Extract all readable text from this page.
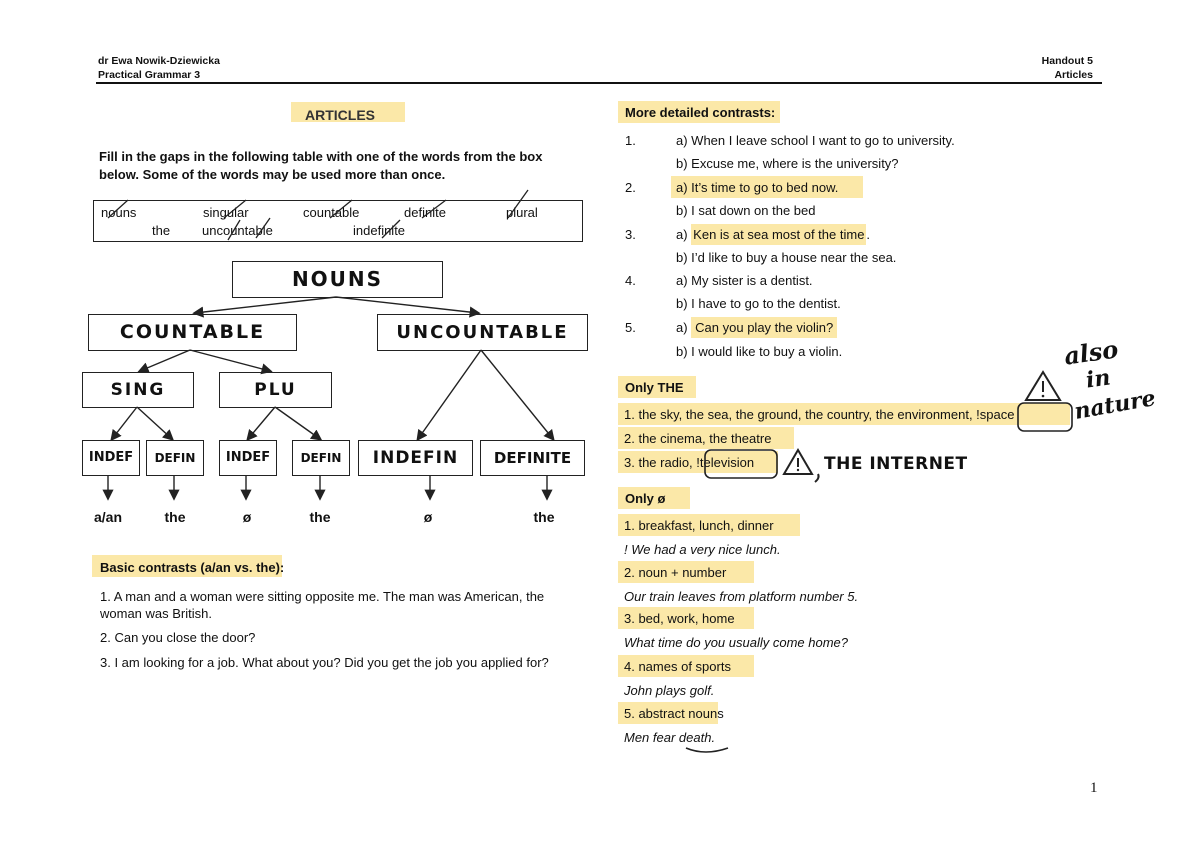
dr Ewa Nowik-Dziewicka
Practical Grammar 3
Handout 5
Articles
ARTICLES
Fill in the gaps in the following table with one of the words from the box below. Some of the words may be used more than once.
nouns	singular	countable	definite	plural
the uncountable	indefinite
NOUNS
COUNTABLE	UNCOUNTABLE
SING	PLU
INDEF	DEFIN	INDEF	DEFIN	INDEFIN	DEFINITE
a/an	the	ø	the	ø	the
Basic contrasts (a/an vs. the):
1. A man and a woman were sitting opposite me. The man was American, the woman was British.
2. Can you close the door?
3. I am looking for a job. What about you? Did you get the job you applied for?
More detailed contrasts:
1.	a) When I leave school I want to go to university.
b) Excuse me, where is the university?
2.	a) It’s time to go to bed now.
b) I sat down on the bed
3.	a) Ken is at sea most of the time .
b) I’d like to buy a house near the sea.
4.	a) My sister is a dentist.
b) I have to go to the dentist.
5.	a) Can you play the violin?
b) I would like to buy a violin.
Only THE
1. the sky, the sea, the ground, the country, the environment, !space
2. the cinema, the theatre
3. the radio, !television	THE INTERNET
also
in
nature
Only ø
1. breakfast, lunch, dinner
! We had a very nice lunch.
2. noun + number
Our train leaves from platform number 5.
3. bed, work, home
What time do you usually come home?
4. names of sports
John plays golf.
5. abstract nouns
Men fear death.
1
